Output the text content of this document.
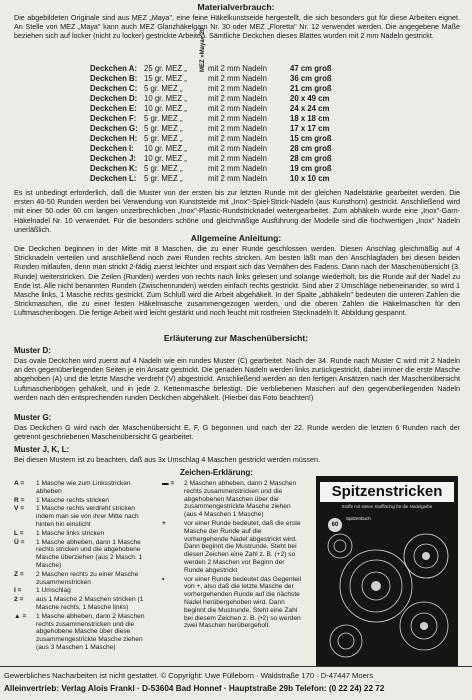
Materialverbrauch:

Die abgebildeten Originale sind aus MEZ „Maya", eine feine Häkelkunstseide hergestellt, die sich besonders gut für diese Arbeiten eignet. An Stelle von MEZ „Maya" kann auch MEZ Glanzhäkelgarn Nr. 30 oder MEZ „Floretta" Nr. 12 verwendet werden. Die angegebene Maße beziehen sich auf locker (nicht zu locker) gestrickte Arbeiten. Sämtliche Deckchen dieses Blattes wurden mit 2 mm Nadeln gestrickt.

Deckchen A:	25 gr. MEZ „	mit 2 mm Nadeln	47 cm groß
Deckchen B:	15 gr. MEZ „	mit 2 mm Nadeln	36 cm groß
Deckchen C:	5 gr. MEZ „	mit 2 mm Nadeln	21 cm groß
Deckchen D:	10 gr. MEZ „	mit 2 mm Nadeln	20 x 49 cm
Deckchen E:	10 gr. MEZ „	mit 2 mm Nadeln	24 x 24 cm
Deckchen F:	5 gr. MEZ „	mit 2 mm Nadeln	18 x 18 cm
Deckchen G:	5 gr. MEZ „	mit 2 mm Nadeln	17 x 17 cm
Deckchen H:	5 gr. MEZ „	mit 2 mm Nadeln	15 cm groß
Deckchen I:	10 gr. MEZ „	mit 2 mm Nadeln	28 cm groß
Deckchen J:	10 gr. MEZ „	mit 2 mm Nadeln	28 cm groß
Deckchen K:	5 gr. MEZ „	mit 2 mm Nadeln	19 cm groß
Deckchen L:	5 gr. MEZ „	mit 2 mm Nadeln	10 x 10 cm
MEZ »Maya« 20

Es ist unbedingt erforderlich, daß die Muster von der ersten bis zur letzten Runde mit der gleichen Nadelstärke gearbeitet werden. Die ersten 40-50 Runden werden bei Verwendung von Kunststeide mit „Inox"-Spiel-Strick-Nadeln (aus Kunsthorn) gestrickt. Anschließend wird mit einer 50 oder 60 cm langen unzerbrechlichen „Inox"-Plastic-Rundstricknadel weitergearbeitet. Zum abhäkeln wurde eine „Inox"-Garn-Häkelnadel Nr. 10 verwendet. Für die besonders schöne und gleichmäßige Ausführung der Modelle sind die hochwertigen „Inox" Nadeln unerläßlich.

Allgemeine Anleitung:

Die Deckchen beginnen in der Mitte mit 8 Maschen, die zu einer Runde geschlossen werden. Diesen Anschlag gleichmäßig auf 4 Stricknadeln verteilen und anschließend noch zwei Runden rechts stricken. Am besten läßt man den Anschlagfaden bei diesen beiden Runden mitlaufen, denn man strickt 2-fädig zuerst leichter und erspart sich das Vernähen des Fadens. Dann nach der Maschenübersicht (3. Runde) weiterstricken. Die Zeilen (Runden) werden von rechts nach links gelesen und solange wiederholt, bis die Runde auf der Nadel zu Ende ist. Alle nicht benannten Runden (Zwischenrunden) werden einfach rechts gestrickt. Sind aber 2 Umschläge nebeneinander, so wird 1 Masche links, 1 Masche rechts gestrickt. Zum Schluß wird die Arbeit abgehäkelt. In der Spalte „abhäkeln" bedeuten die unteren Zahlen die Strickmaschen, die zu einer festen Häkelmasche zusammengezogen werden, und die oberen Zahlen die Häkelmaschen für den Luftmaschenbogen. Die fertige Arbeit wird leicht gestärkt und noch feucht mit rostfreien Stecknadeln lt. Abbildung gespannt.

Erläuterung zur Maschenübersicht:
Muster D:

Das ovale Deckchen wird zuerst auf 4 Nadeln wie ein rundes Muster (C) gearbeitet. Nach der 34. Runde nach Muster C wird mit 2 Nadeln an den gegenüberliegenden Seiten je ein Ansatz gestrickt. Die genaden Nadeln werden links zurückgestrickt, dabei immer die erste Masche abgehoben (A) und die letzte Masche verdreht (V) abgestrickt. Anschließend werden an den fertigen Ansätzen nach der Maschenübersicht Luftmaschenbögen gehäkelt, und in jede 2. Kettenmasche befestigt. Die verbliebenen Maschen auf den gegenüberliegenden Nadeln werden nach den entsprechenden runden Deckchen abgehäkelt. (Hierbei das Foto beachten!)

Muster G:

Das Deckchen G wird nach der Maschenübersicht E, F, G begonnen und nach der 22. Runde werden die letzten 6 Runden nach der getrennt geschriebenen Maschenübersicht G gearbeitet.

Muster J, K, L:

Bei diesen Mustern ist zu beachten, daß aus 3x Umschlag 4 Maschen gestrickt werden müssen.

Zeichen-Erklärung:
A = 1 Masche wie zum Linksstricken abheben
R = 1 Masche rechts stricken
V = 1 Masche rechts verdreht stricken indem man sie von ihrer Mitte nach hinten hin einsticht
L = 1 Masche links stricken
Ü = 1 Masche abheben, dann 1 Masche rechts stricken und die abgehobene Masche überziehen (aus 2 Masch. 1 Masche)
Z = 2 Maschen rechts zu einer Masche zusammenstricken
I = 1 Umschlag
2 = aus 1 Masche 2 Maschen stricken (1 Masche rechts, 1 Masche links)
▲ = 1 Masche abheben, dann 2 Maschen rechts zusammenstricken und die abgehobene Masche über diese zusammengestrickte Masche ziehen (aus 3 Maschen 1 Masche)
▬ = 2 Maschen abheben, dann 2 Maschen rechts zusammenstricken und die abgehobenen Maschen über die zusammengestrickte Masche ziehen (aus 4 Maschen 1 Masche)
+	vor einer Runde bedeutet, daß die erste Masche der Runde auf die vorhergehende Nadel abgestrickt wird. Dann beginnt die Mustrunde. Steht bei diesen Zeichen eine Zahl z. B. (+2) so werden 2 Maschen vor Beginn der Runde abgestrickt
•	vor einer Runde bedeutet das Gegenteil von +, also daß die letzte Masche der vorhergehenden Runde auf die nächste Nadel herübergehoben wird. Dann beginnt die Mustrunde. Steht eine Zahl bei diesem Zeichen z. B. (•2) so werden zwei Maschen herübergeholt.
Spitzenstricken
Stoffe mit steten Stufflächig für die Nadelgarbe
60
Spitzenbuch
Gewerbliches Nacharbeiten ist nicht gestattet. © Copyright: Uwe Fülleborn · Waldstraße 170 · D-47447 Moers
Alleinvertrieb: Verlag Alois Frankl · D-53604 Bad Honnef · Hauptstraße 29b Telefon: (0 22 24) 22 72
